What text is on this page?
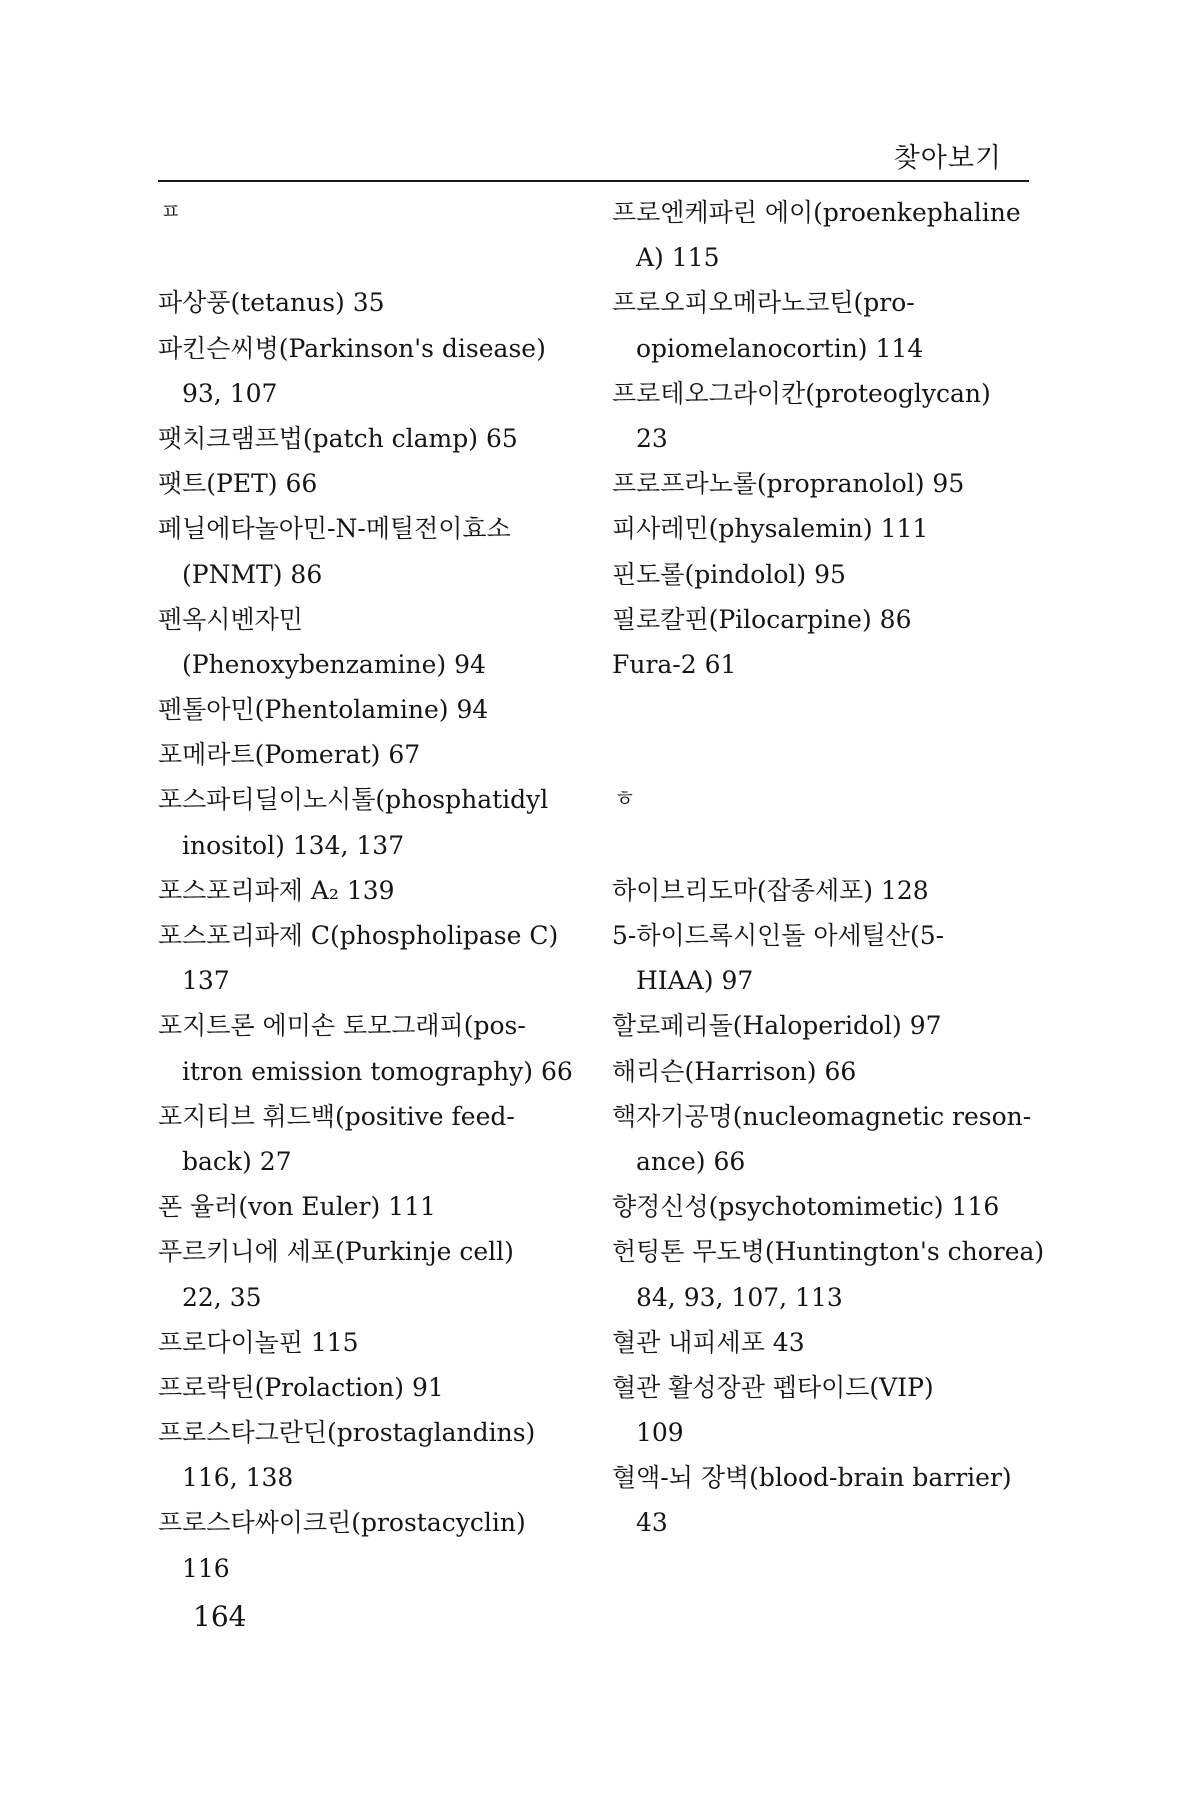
찾아보기
ㅍ
파상풍(tetanus) 35
파킨슨씨병(Parkinson's disease)
93, 107
팻치크램프법(patch clamp) 65
팻트(PET) 66
페닐에타놀아민-N-메틸전이효소
(PNMT) 86
펜옥시벤자민
(Phenoxybenzamine) 94
펜톨아민(Phentolamine) 94
포메라트(Pomerat) 67
포스파티딜이노시톨(phosphatidyl
inositol) 134, 137
포스포리파제 A₂ 139
포스포리파제 C(phospholipase C)
137
포지트론 에미손 토모그래피(pos-
itron emission tomography) 66
포지티브 휘드백(positive feed-
back) 27
폰 율러(von Euler) 111
푸르키니에 세포(Purkinje cell)
22, 35
프로다이놀핀 115
프로락틴(Prolaction) 91
프로스타그란딘(prostaglandins)
116, 138
프로스타싸이크린(prostacyclin)
116
프로엔케파린 에이(proenkephaline
A) 115
프로오피오메라노코틴(pro-
opiomelanocortin) 114
프로테오그라이칸(proteoglycan)
23
프로프라노롤(propranolol) 95
피사레민(physalemin) 111
핀도롤(pindolol) 95
필로칼핀(Pilocarpine) 86
Fura-2 61
ㅎ
하이브리도마(잡종세포) 128
5-하이드록시인돌 아세틸산(5-
HIAA) 97
할로페리돌(Haloperidol) 97
해리슨(Harrison) 66
핵자기공명(nucleomagnetic reson-
ance) 66
향정신성(psychotomimetic) 116
헌팅톤 무도병(Huntington's chorea)
84, 93, 107, 113
혈관 내피세포 43
혈관 활성장관 펩타이드(VIP)
109
혈액-뇌 장벽(blood-brain barrier)
43
164
